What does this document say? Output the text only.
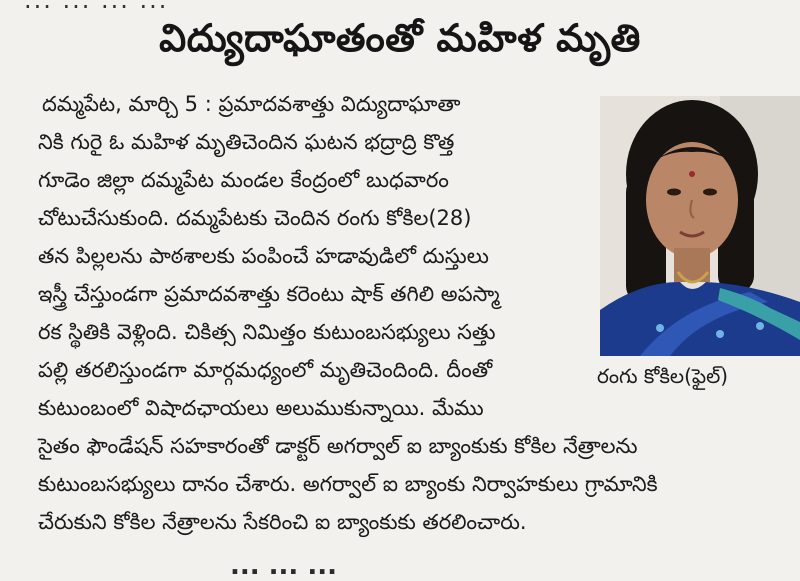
... ... ... ...
విద్యుదాఘాతంతో మహిళ మృతి
దమ్మపేట, మార్చి 5 : ప్రమాదవశాత్తు విద్యుదాఘాతా
నికి గురై ఓ మహిళ మృతిచెందిన ఘటన భద్రాద్రి కొత్త
గూడెం జిల్లా దమ్మపేట మండల కేంద్రంలో బుధవారం
చోటుచేసుకుంది. దమ్మపేటకు చెందిన రంగు కోకిల(28)
తన పిల్లలను పాఠశాలకు పంపించే హడావుడిలో దుస్తులు
ఇస్త్రీ చేస్తుండగా ప్రమాదవశాత్తు కరెంటు షాక్ తగిలి అపస్మా
రక స్థితికి వెళ్లింది. చికిత్స నిమిత్తం కుటుంబసభ్యులు సత్తు
పల్లి తరలిస్తుండగా మార్గమధ్యంలో మృతిచెందింది. దీంతో
కుటుంబంలో విషాదఛాయలు అలుముకున్నాయి. మేము
సైతం ఫౌండేషన్ సహకారంతో డాక్టర్ అగర్వాల్ ఐ బ్యాంకుకు కోకిల నేత్రాలను
కుటుంబసభ్యులు దానం చేశారు. అగర్వాల్ ఐ బ్యాంకు నిర్వాహకులు గ్రామానికి
చేరుకుని కోకిల నేత్రాలను సేకరించి ఐ బ్యాంకుకు తరలించారు.
రంగు కోకిల(ఫైల్)
... ... ...
